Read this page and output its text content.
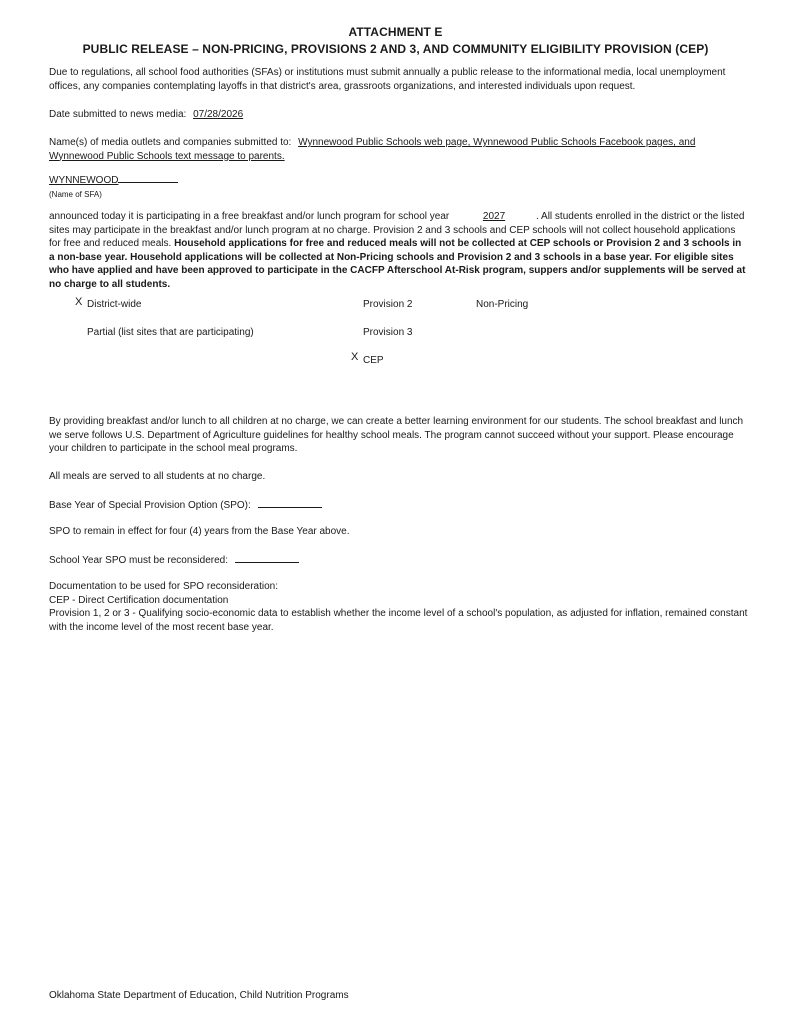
ATTACHMENT E
PUBLIC RELEASE – NON-PRICING, PROVISIONS 2 AND 3, AND COMMUNITY ELIGIBILITY PROVISION (CEP)
Due to regulations, all school food authorities (SFAs) or institutions must submit annually a public release to the informational media, local unemployment offices, any companies contemplating layoffs in that district's area, grassroots organizations, and interested individuals upon request.
Date submitted to news media: 07/28/2026
Name(s) of media outlets and companies submitted to: Wynnewood Public Schools web page, Wynnewood Public Schools Facebook pages, and
Wynnewood Public Schools text message to parents.
WYNNEWOOD
(Name of SFA)
announced today it is participating in a free breakfast and/or lunch program for school year	2027	. All students enrolled in the district or the listed sites may participate in the breakfast and/or lunch program at no charge. Provision 2 and 3 schools and CEP schools will not collect household applications for free and reduced meals. Household applications for free and reduced meals will not be collected at CEP schools or Provision 2 and 3 schools in a non-base year. Household applications will be collected at Non-Pricing schools and Provision 2 and 3 schools in a base year. For eligible sites who have applied and have been approved to participate in the CACFP Afterschool At-Risk program, suppers and/or supplements will be served at no charge to all students.
X District-wide	Provision 2	Non-Pricing
Partial (list sites that are participating)	Provision 3
X CEP
By providing breakfast and/or lunch to all children at no charge, we can create a better learning environment for our students. The school breakfast and lunch we serve follows U.S. Department of Agriculture guidelines for healthy school meals. The program cannot succeed without your support. Please encourage your children to participate in the school meal programs.
All meals are served to all students at no charge.
Base Year of Special Provision Option (SPO):
SPO to remain in effect for four (4) years from the Base Year above.
School Year SPO must be reconsidered:
Documentation to be used for SPO reconsideration:
CEP - Direct Certification documentation
Provision 1, 2 or 3 - Qualifying socio-economic data to establish whether the income level of a school's population, as adjusted for inflation, remained constant with the income level of the most recent base year.
Oklahoma State Department of Education, Child Nutrition Programs
